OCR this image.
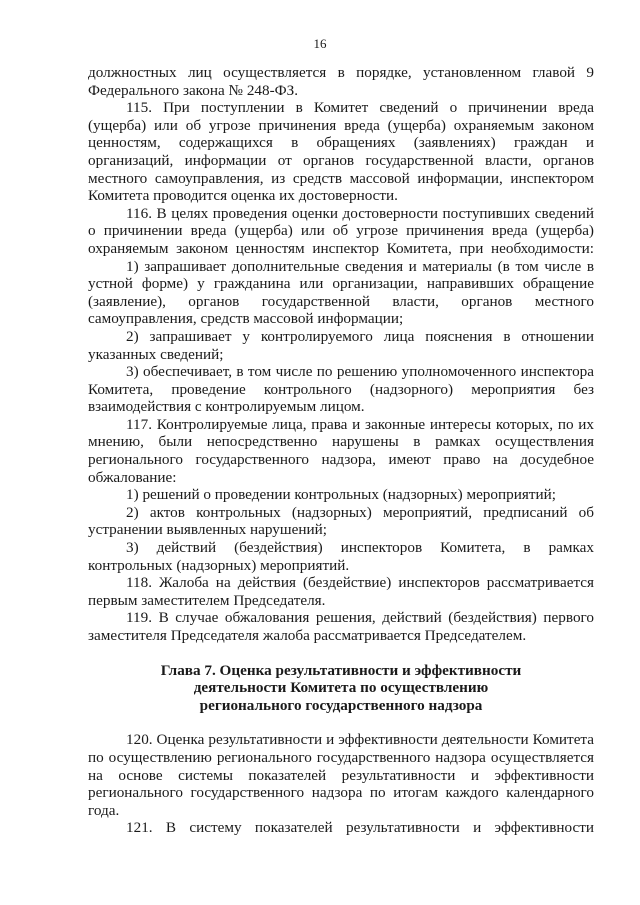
16
должностных лиц осуществляется в порядке, установленном главой 9
Федерального закона № 248-ФЗ.
115. При поступлении в Комитет сведений о причинении вреда
(ущерба) или об угрозе причинения вреда (ущерба) охраняемым законом
ценностям, содержащихся в обращениях (заявлениях) граждан и
организаций, информации от органов государственной власти, органов
местного самоуправления, из средств массовой информации, инспектором
Комитета проводится оценка их достоверности.
116. В целях проведения оценки достоверности поступивших сведений
о причинении вреда (ущерба) или об угрозе причинения вреда (ущерба)
охраняемым законом ценностям инспектор Комитета, при необходимости:
1) запрашивает дополнительные сведения и материалы (в том числе в
устной форме) у гражданина или организации, направивших обращение
(заявление), органов государственной власти, органов местного
самоуправления, средств массовой информации;
2) запрашивает у контролируемого лица пояснения в отношении
указанных сведений;
3) обеспечивает, в том числе по решению уполномоченного инспектора
Комитета, проведение контрольного (надзорного) мероприятия без
взаимодействия с контролируемым лицом.
117. Контролируемые лица, права и законные интересы которых, по их
мнению, были непосредственно нарушены в рамках осуществления
регионального государственного надзора, имеют право на досудебное
обжалование:
1) решений о проведении контрольных (надзорных) мероприятий;
2) актов контрольных (надзорных) мероприятий, предписаний об
устранении выявленных нарушений;
3) действий (бездействия) инспекторов Комитета, в рамках
контрольных (надзорных) мероприятий.
118. Жалоба на действия (бездействие) инспекторов рассматривается
первым заместителем Председателя.
119. В случае обжалования решения, действий (бездействия) первого
заместителя Председателя жалоба рассматривается Председателем.
Глава 7. Оценка результативности и эффективности
деятельности Комитета по осуществлению
регионального государственного надзора
120. Оценка результативности и эффективности деятельности Комитета
по осуществлению регионального государственного надзора осуществляется
на основе системы показателей результативности и эффективности
регионального государственного надзора по итогам каждого календарного
года.
121. В систему показателей результативности и эффективности
